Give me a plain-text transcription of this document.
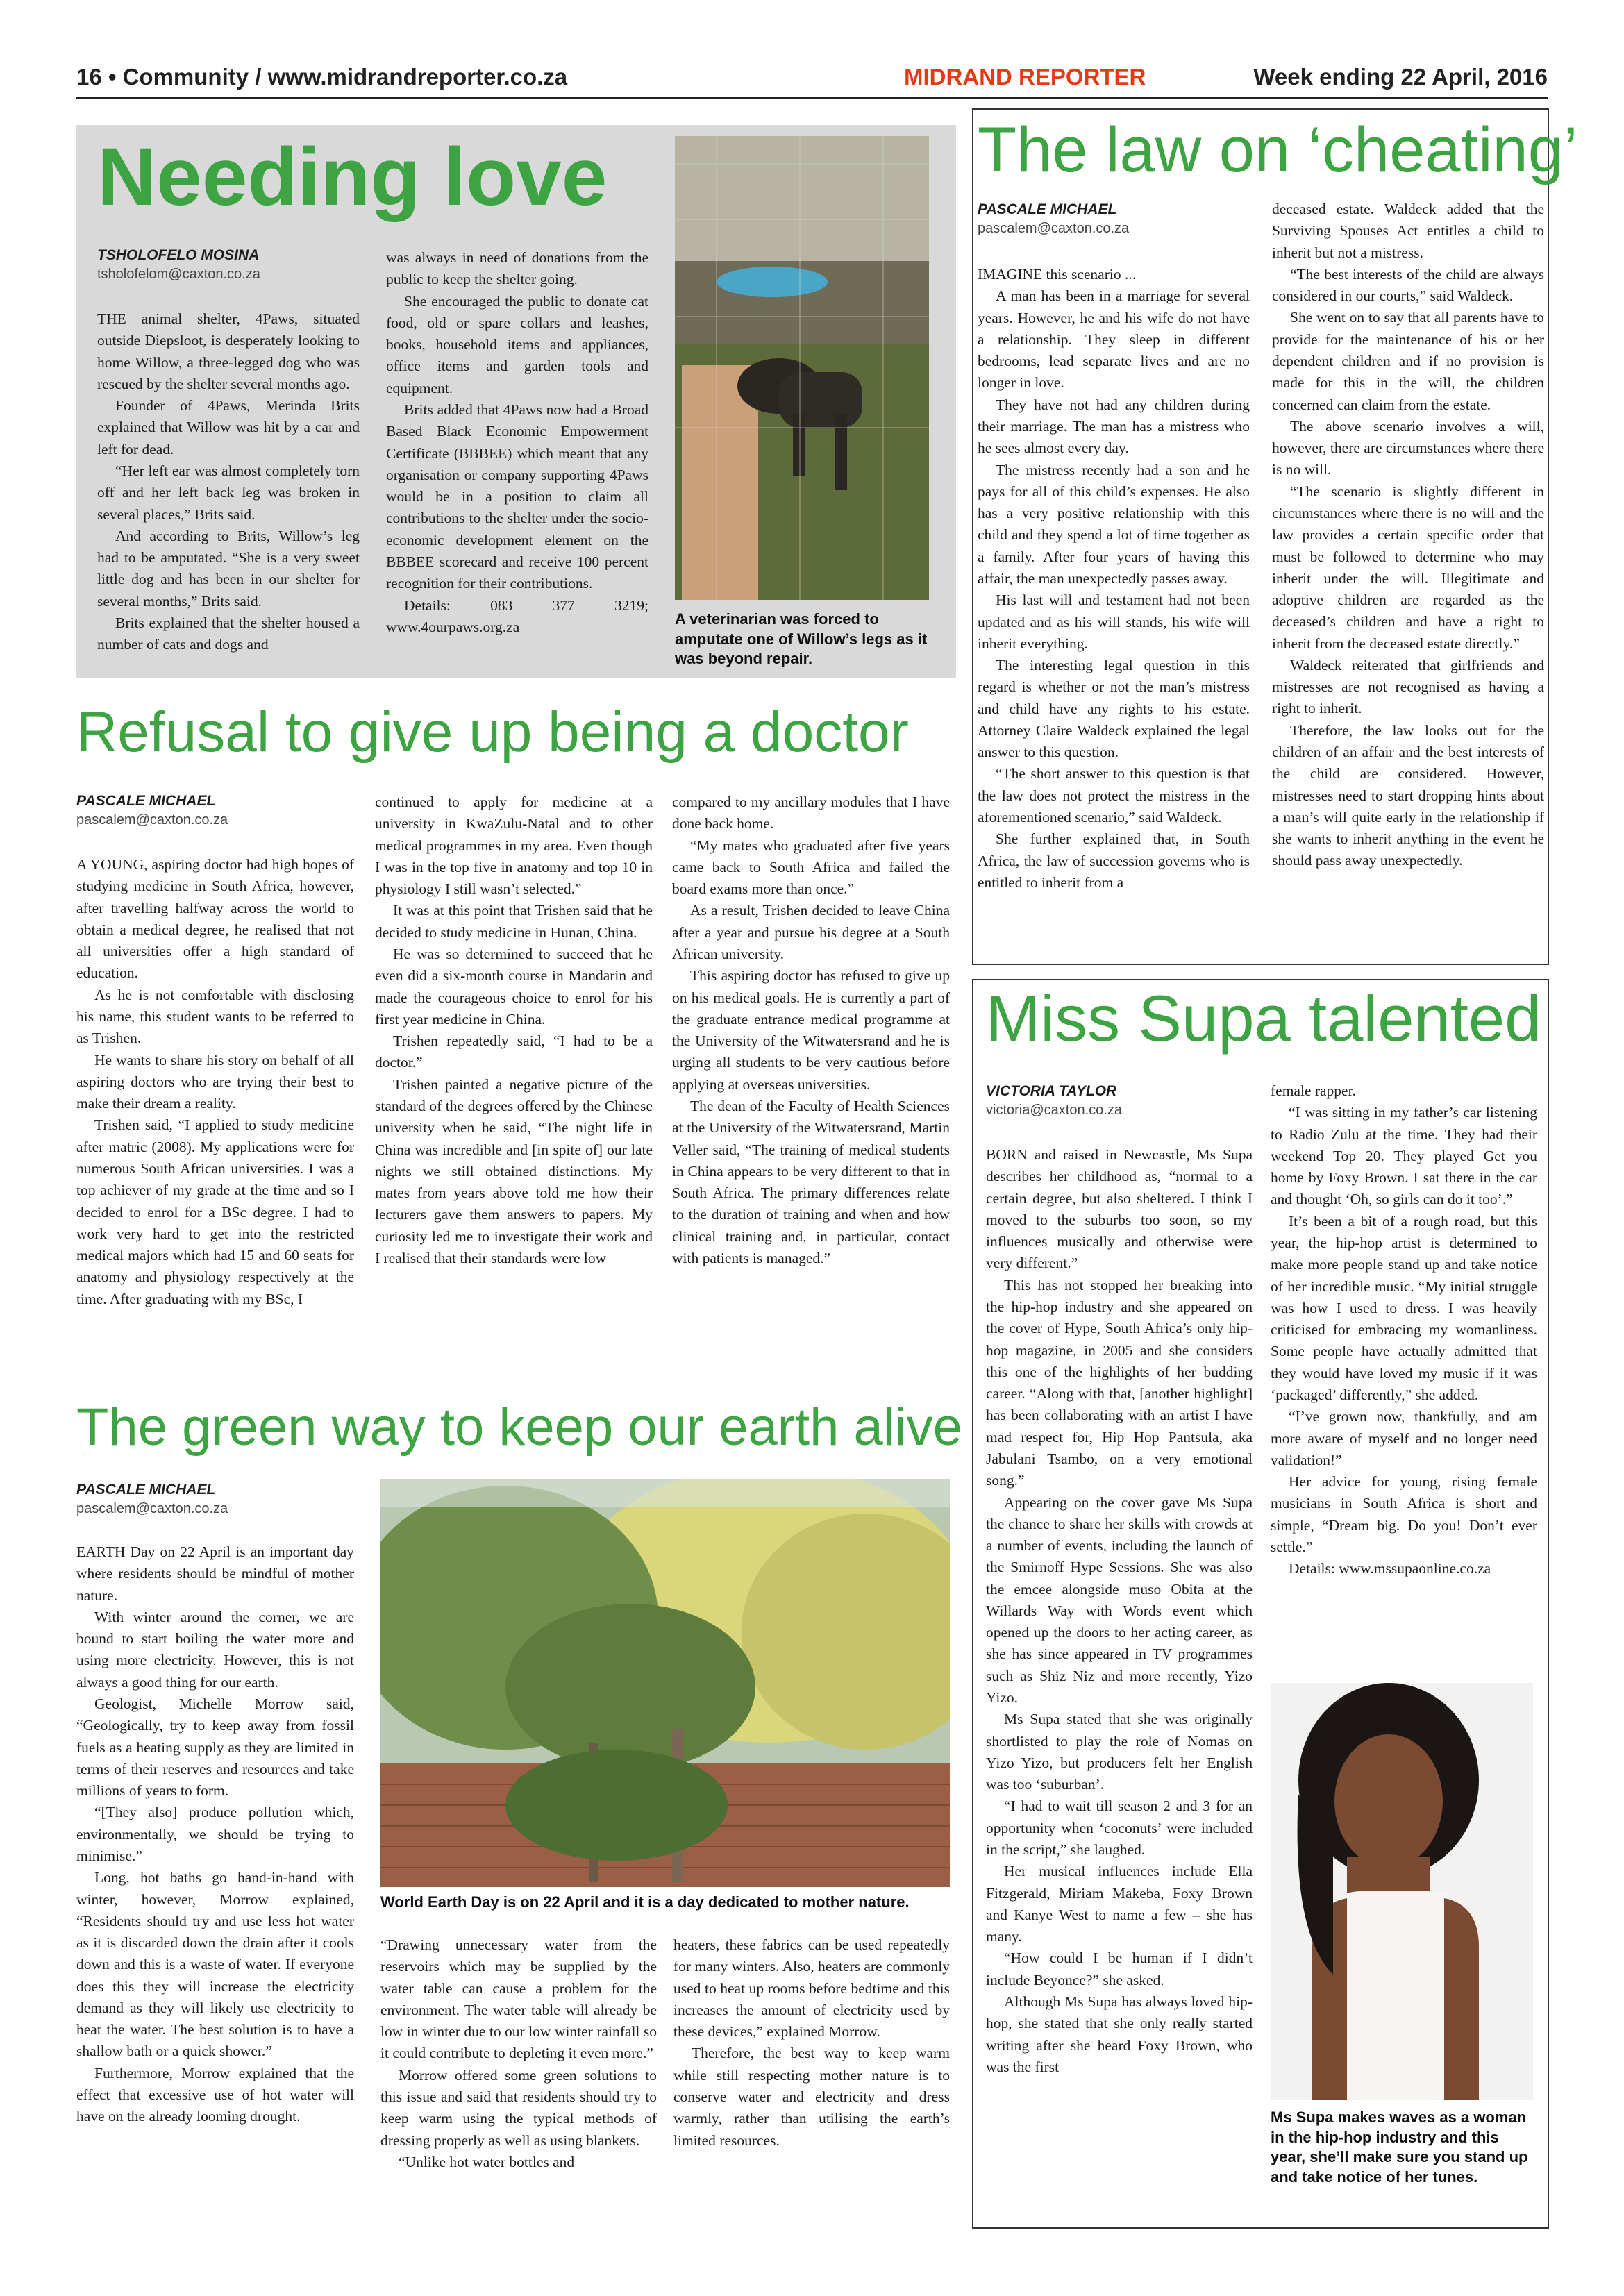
16 • Community / www.midrandreporter.co.za	MIDRAND REPORTER	Week ending 22 April, 2016
Needing love
TSHOLOFELO MOSINA
tsholofelom@caxton.co.za

THE animal shelter, 4Paws, situated outside Diepsloot, is desperately looking to home Willow, a three-legged dog who was rescued by the shelter several months ago.

Founder of 4Paws, Merinda Brits explained that Willow was hit by a car and left for dead.

“Her left ear was almost completely torn off and her left back leg was broken in several places,” Brits said.

And according to Brits, Willow’s leg had to be amputated. “She is a very sweet little dog and has been in our shelter for several months,” Brits said.

Brits explained that the shelter housed a number of cats and dogs and

was always in need of donations from the public to keep the shelter going.

She encouraged the public to donate cat food, old or spare collars and leashes, books, household items and appliances, office items and garden tools and equipment.

Brits added that 4Paws now had a Broad Based Black Economic Empowerment Certificate (BBBEE) which meant that any organisation or company supporting 4Paws would be in a position to claim all contributions to the shelter under the socio-economic development element on the BBBEE scorecard and receive 100 percent recognition for their contributions.

Details: 083 377 3219; www.4ourpaws.org.za	A veterinarian was forced to amputate one of Willow’s legs as it was beyond repair.
Refusal to give up being a doctor
PASCALE MICHAEL
pascalem@caxton.co.za

A YOUNG, aspiring doctor had high hopes of studying medicine in South Africa, however, after travelling halfway across the world to obtain a medical degree, he realised that not all universities offer a high standard of education.

As he is not comfortable with disclosing his name, this student wants to be referred to as Trishen.

He wants to share his story on behalf of all aspiring doctors who are trying their best to make their dream a reality.

Trishen said, “I applied to study medicine after matric (2008). My applications were for numerous South African universities. I was a top achiever of my grade at the time and so I decided to enrol for a BSc degree. I had to work very hard to get into the restricted medical majors which had 15 and 60 seats for anatomy and physiology respectively at the time. After graduating with my BSc, I

continued to apply for medicine at a university in KwaZulu-Natal and to other medical programmes in my area. Even though I was in the top five in anatomy and top 10 in physiology I still wasn’t selected.”

It was at this point that Trishen said that he decided to study medicine in Hunan, China.

He was so determined to succeed that he even did a six-month course in Mandarin and made the courageous choice to enrol for his first year medicine in China.

Trishen repeatedly said, “I had to be a doctor.”

Trishen painted a negative picture of the standard of the degrees offered by the Chinese university when he said, “The night life in China was incredible and [in spite of] our late nights we still obtained distinctions. My mates from years above told me how their lecturers gave them answers to papers. My curiosity led me to investigate their work and I realised that their standards were low

compared to my ancillary modules that I have done back home.

“My mates who graduated after five years came back to South Africa and failed the board exams more than once.”

As a result, Trishen decided to leave China after a year and pursue his degree at a South African university.

This aspiring doctor has refused to give up on his medical goals. He is currently a part of the graduate entrance medical programme at the University of the Witwatersrand and he is urging all students to be very cautious before applying at overseas universities.

The dean of the Faculty of Health Sciences at the University of the Witwatersrand, Martin Veller said, “The training of medical students in China appears to be very different to that in South Africa. The primary differences relate to the duration of training and when and how clinical training and, in particular, contact with patients is managed.”

The green way to keep our earth alive
PASCALE MICHAEL
pascalem@caxton.co.za

EARTH Day on 22 April is an important day where residents should be mindful of mother nature.

With winter around the corner, we are bound to start boiling the water more and using more electricity. However, this is not always a good thing for our earth.

Geologist, Michelle Morrow said, “Geologically, try to keep away from fossil fuels as a heating supply as they are limited in terms of their reserves and resources and take millions of years to form.

“[They also] produce pollution which, environmentally, we should be trying to minimise.”

Long, hot baths go hand-in-hand with winter, however, Morrow explained, “Residents should try and use less hot water as it is discarded down the drain after it cools down and this is a waste of water. If everyone does this they will increase the electricity demand as they will likely use electricity to heat the water. The best solution is to have a shallow bath or a quick shower.”

Furthermore, Morrow explained that the effect that excessive use of hot water will have on the already looming drought.

World Earth Day is on 22 April and it is a day dedicated to mother nature.

“Drawing unnecessary water from the reservoirs which may be supplied by the water table can cause a problem for the environment. The water table will already be low in winter due to our low winter rainfall so it could contribute to depleting it even more.”

Morrow offered some green solutions to this issue and said that residents should try to keep warm using the typical methods of dressing properly as well as using blankets.

“Unlike hot water bottles and

heaters, these fabrics can be used repeatedly for many winters. Also, heaters are commonly used to heat up rooms before bedtime and this increases the amount of electricity used by these devices,” explained Morrow.

Therefore, the best way to keep warm while still respecting mother nature is to conserve water and electricity and dress warmly, rather than utilising the earth’s limited resources.

The law on ‘cheating’
PASCALE MICHAEL
pascalem@caxton.co.za

IMAGINE this scenario ...

A man has been in a marriage for several years. However, he and his wife do not have a relationship. They sleep in different bedrooms, lead separate lives and are no longer in love.

They have not had any children during their marriage. The man has a mistress who he sees almost every day.

The mistress recently had a son and he pays for all of this child’s expenses. He also has a very positive relationship with this child and they spend a lot of time together as a family. After four years of having this affair, the man unexpectedly passes away.

His last will and testament had not been updated and as his will stands, his wife will inherit everything.

The interesting legal question in this regard is whether or not the man’s mistress and child have any rights to his estate. Attorney Claire Waldeck explained the legal answer to this question.

“The short answer to this question is that the law does not protect the mistress in the aforementioned scenario,” said Waldeck.

She further explained that, in South Africa, the law of succession governs who is entitled to inherit from a

deceased estate. Waldeck added that the Surviving Spouses Act entitles a child to inherit but not a mistress.

“The best interests of the child are always considered in our courts,” said Waldeck.

She went on to say that all parents have to provide for the maintenance of his or her dependent children and if no provision is made for this in the will, the children concerned can claim from the estate.

The above scenario involves a will, however, there are circumstances where there is no will.

“The scenario is slightly different in circumstances where there is no will and the law provides a certain specific order that must be followed to determine who may inherit under the will. Illegitimate and adoptive children are regarded as the deceased’s children and have a right to inherit from the deceased estate directly.”

Waldeck reiterated that girlfriends and mistresses are not recognised as having a right to inherit.

Therefore, the law looks out for the children of an affair and the best interests of the child are considered. However, mistresses need to start dropping hints about a man’s will quite early in the relationship if she wants to inherit anything in the event he should pass away unexpectedly.

Miss Supa talented
VICTORIA TAYLOR
victoria@caxton.co.za

BORN and raised in Newcastle, Ms Supa describes her childhood as, “normal to a certain degree, but also sheltered. I think I moved to the suburbs too soon, so my influences musically and otherwise were very different.”

This has not stopped her breaking into the hip-hop industry and she appeared on the cover of Hype, South Africa’s only hip-hop magazine, in 2005 and she considers this one of the highlights of her budding career. “Along with that, [another highlight] has been collaborating with an artist I have mad respect for, Hip Hop Pantsula, aka Jabulani Tsambo, on a very emotional song.”

Appearing on the cover gave Ms Supa the chance to share her skills with crowds at a number of events, including the launch of the Smirnoff Hype Sessions. She was also the emcee alongside muso Obita at the Willards Way with Words event which opened up the doors to her acting career, as she has since appeared in TV programmes such as Shiz Niz and more recently, Yizo Yizo.

Ms Supa stated that she was originally shortlisted to play the role of Nomas on Yizo Yizo, but producers felt her English was too ‘suburban’.

“I had to wait till season 2 and 3 for an opportunity when ‘coconuts’ were included in the script,” she laughed.

Her musical influences include Ella Fitzgerald, Miriam Makeba, Foxy Brown and Kanye West to name a few – she has many.

“How could I be human if I didn’t include Beyonce?” she asked.

Although Ms Supa has always loved hip-hop, she stated that she only really started writing after she heard Foxy Brown, who was the first

female rapper.

“I was sitting in my father’s car listening to Radio Zulu at the time. They had their weekend Top 20. They played Get you home by Foxy Brown. I sat there in the car and thought ‘Oh, so girls can do it too’.”

It’s been a bit of a rough road, but this year, the hip-hop artist is determined to make more people stand up and take notice of her incredible music. “My initial struggle was how I used to dress. I was heavily criticised for embracing my womanliness. Some people have actually admitted that they would have loved my music if it was ‘packaged’ differently,” she added.

“I’ve grown now, thankfully, and am more aware of myself and no longer need validation!”

Her advice for young, rising female musicians in South Africa is short and simple, “Dream big. Do you! Don’t ever settle.”

Details: www.mssupaonline.co.za

Ms Supa makes waves as a woman in the hip-hop industry and this year, she’ll make sure you stand up and take notice of her tunes.
